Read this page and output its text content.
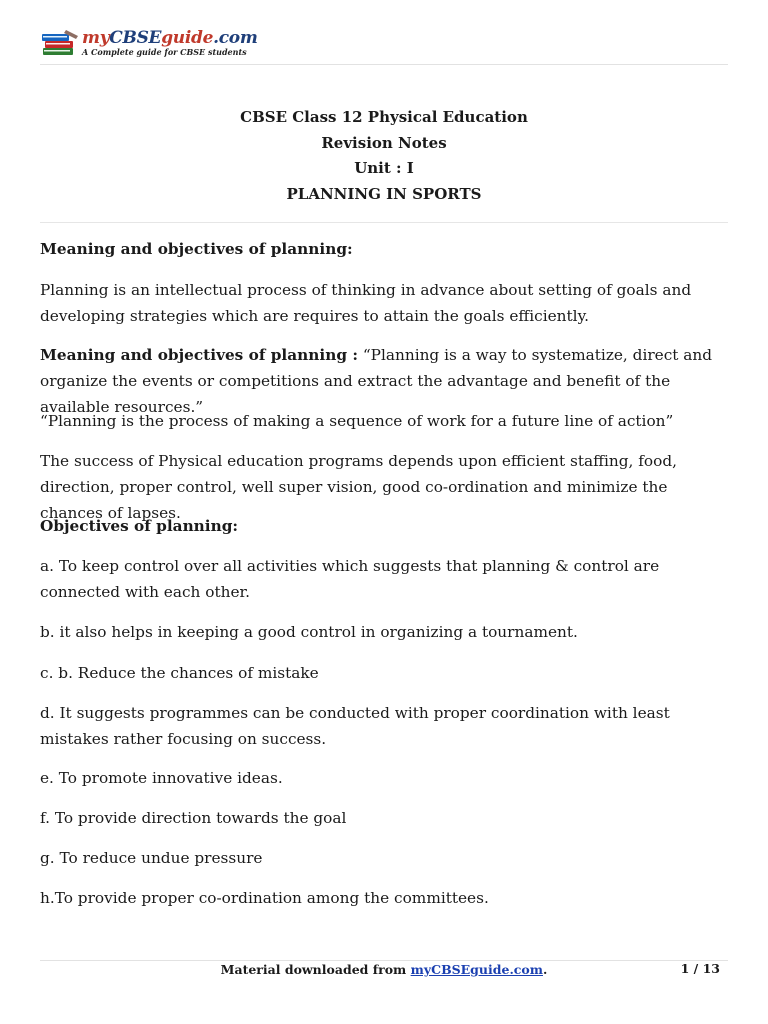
myCBSEguide.com
A Complete guide for CBSE students
CBSE Class 12 Physical Education
Revision Notes
Unit : I
PLANNING IN SPORTS

Meaning and objectives of planning:

Planning is an intellectual process of thinking in advance about setting of goals and developing strategies which are requires to attain the goals efficiently.

Meaning and objectives of planning : “Planning is a way to systematize, direct and organize the events or competitions and extract the advantage and benefit of the available resources.”

“Planning is the process of making a sequence of work for a future line of action”

The success of Physical education programs depends upon efficient staffing, food, direction, proper control, well super vision, good co-ordination and minimize the chances of lapses.

Objectives of planning:

a. To keep control over all activities which suggests that planning & control are connected with each other.

b. it also helps in keeping a good control in organizing a tournament.

c. b. Reduce the chances of mistake

d. It suggests programmes can be conducted with proper coordination with least mistakes rather focusing on success.

e. To promote innovative ideas.

f. To provide direction towards the goal

g. To reduce undue pressure

h.To provide proper co-ordination among the committees.

Material downloaded from myCBSEguide.com.	1 / 13
